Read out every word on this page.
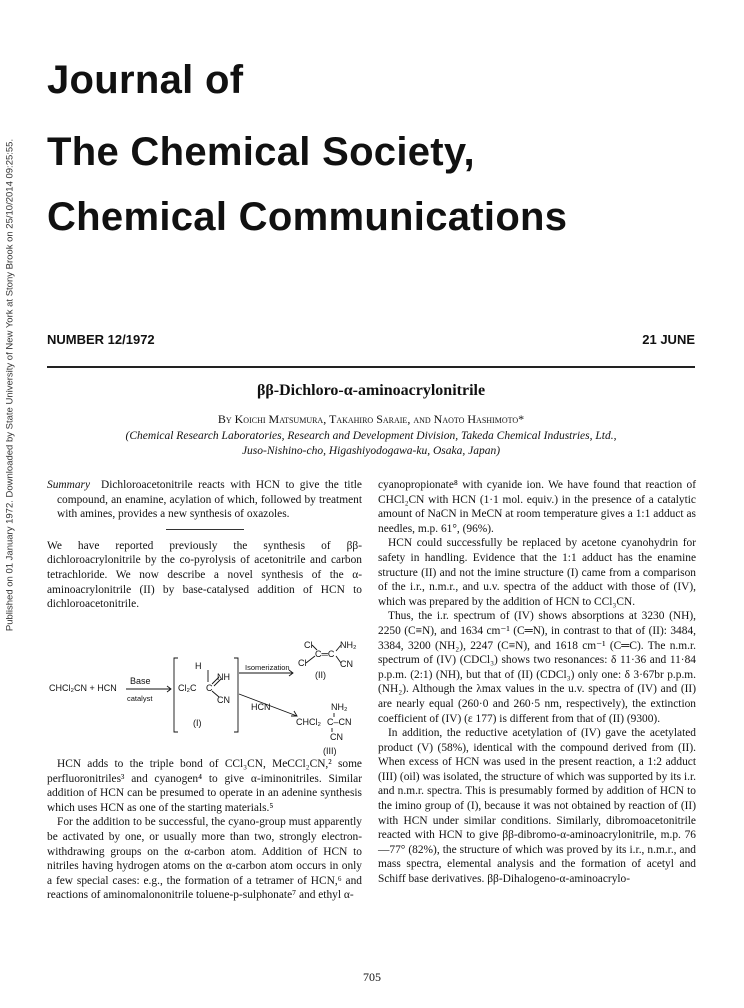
Published on 01 January 1972. Downloaded by State University of New York at Stony Brook on 25/10/2014 09:25:55.
Journal of
The Chemical Society,
Chemical Communications
NUMBER 12/1972	21 JUNE
ββ-Dichloro-α-aminoacrylonitrile
By Koichi Matsumura, Takahiro Saraie, and Naoto Hashimoto*
(Chemical Research Laboratories, Research and Development Division, Takeda Chemical Industries, Ltd.,
Juso-Nishino-cho, Higashiyodogawa-ku, Osaka, Japan)

Summary Dichloroacetonitrile reacts with HCN to give the title compound, an enamine, acylation of which, followed by treatment with amines, provides a new synthesis of oxazoles.

We have reported previously the synthesis of ββ-dichloroacrylonitrile by the co-pyrolysis of acetonitrile and carbon tetrachloride. We now describe a novel synthesis of the α-aminoacrylonitrile (II) by base-catalysed addition of HCN to dichloroacetonitrile.

CHCl₂CN + HCN
Base
catalyst
H
Cl₂C C
NH
CN
(I)
Isomerization
Cl
Cl
C═C
NH₂
CN
(II)
HCN	NH₂
CHCl₂ C–CN
CN
(III)

HCN adds to the triple bond of CCl₃CN, MeCCl₂CN,² some perfluoronitriles³ and cyanogen⁴ to give α-iminonitriles. Similar addition of HCN can be presumed to operate in an adenine synthesis which uses HCN as one of the starting materials.⁵

For the addition to be successful, the cyano-group must apparently be activated by one, or usually more than two, strongly electron-withdrawing groups on the α-carbon atom. Addition of HCN to nitriles having hydrogen atoms on the α-carbon atom occurs in only a few special cases: e.g., the formation of a tetramer of HCN,⁶ and reactions of aminomalononitrile toluene-p-sulphonate⁷ and ethyl α-

cyanopropionate⁸ with cyanide ion. We have found that reaction of CHCl₂CN with HCN (1·1 mol. equiv.) in the presence of a catalytic amount of NaCN in MeCN at room temperature gives a 1:1 adduct as needles, m.p. 61°, (96%).

HCN could successfully be replaced by acetone cyanohydrin for safety in handling. Evidence that the 1:1 adduct has the enamine structure (II) and not the imine structure (I) came from a comparison of the i.r., n.m.r., and u.v. spectra of the adduct with those of (IV), which was prepared by the addition of HCN to CCl₃CN.

Thus, the i.r. spectrum of (IV) shows absorptions at 3230 (NH), 2250 (C≡N), and 1634 cm⁻¹ (C═N), in contrast to that of (II): 3484, 3384, 3200 (NH₂), 2247 (C≡N), and 1618 cm⁻¹ (C═C). The n.m.r. spectrum of (IV) (CDCl₃) shows two resonances: δ 11·36 and 11·84 p.p.m. (2:1) (NH), but that of (II) (CDCl₃) only one: δ 3·67br p.p.m. (NH₂). Although the λmax values in the u.v. spectra of (IV) and (II) are nearly equal (260·0 and 260·5 nm, respectively), the extinction coefficient of (IV) (ε 177) is different from that of (II) (9300).

In addition, the reductive acetylation of (IV) gave the acetylated product (V) (58%), identical with the compound derived from (II). When excess of HCN was used in the present reaction, a 1:2 adduct (III) (oil) was isolated, the structure of which was supported by its i.r. and n.m.r. spectra. This is presumably formed by addition of HCN to the imino group of (I), because it was not obtained by reaction of (II) with HCN under similar conditions. Similarly, dibromoacetonitrile reacted with HCN to give ββ-dibromo-α-aminoacrylonitrile, m.p. 76—77° (82%), the structure of which was proved by its i.r., n.m.r., and mass spectra, elemental analysis and the formation of acetyl and Schiff base derivatives. ββ-Dihalogeno-α-aminoacrylo-

705
